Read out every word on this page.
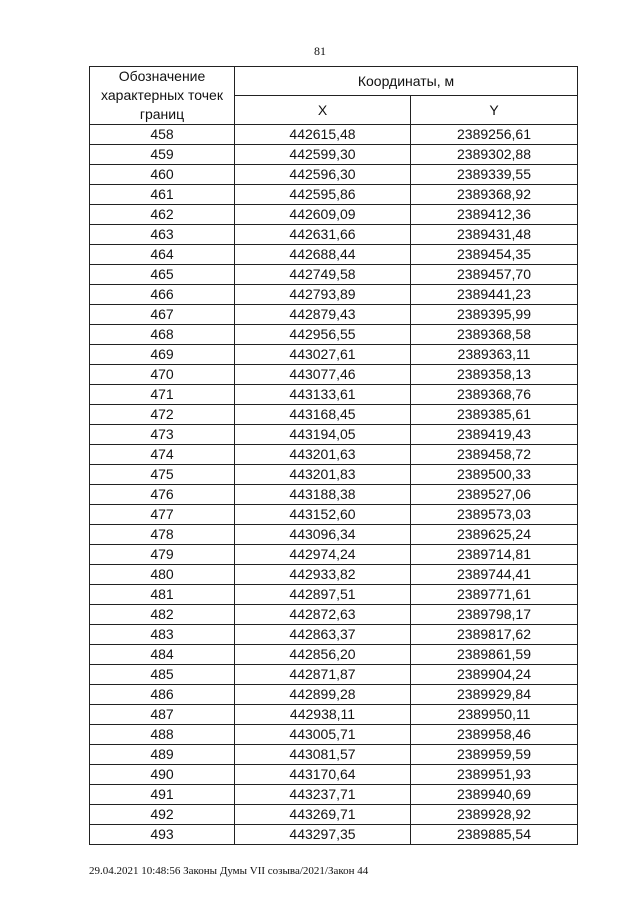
81
Обозначение характерных точек границ	Координаты, м	
	X	Y
458	442615,48	2389256,61
459	442599,30	2389302,88
460	442596,30	2389339,55
461	442595,86	2389368,92
462	442609,09	2389412,36
463	442631,66	2389431,48
464	442688,44	2389454,35
465	442749,58	2389457,70
466	442793,89	2389441,23
467	442879,43	2389395,99
468	442956,55	2389368,58
469	443027,61	2389363,11
470	443077,46	2389358,13
471	443133,61	2389368,76
472	443168,45	2389385,61
473	443194,05	2389419,43
474	443201,63	2389458,72
475	443201,83	2389500,33
476	443188,38	2389527,06
477	443152,60	2389573,03
478	443096,34	2389625,24
479	442974,24	2389714,81
480	442933,82	2389744,41
481	442897,51	2389771,61
482	442872,63	2389798,17
483	442863,37	2389817,62
484	442856,20	2389861,59
485	442871,87	2389904,24
486	442899,28	2389929,84
487	442938,11	2389950,11
488	443005,71	2389958,46
489	443081,57	2389959,59
490	443170,64	2389951,93
491	443237,71	2389940,69
492	443269,71	2389928,92
493	443297,35	2389885,54
29.04.2021 10:48:56 Законы Думы VII созыва/2021/Закон 44
